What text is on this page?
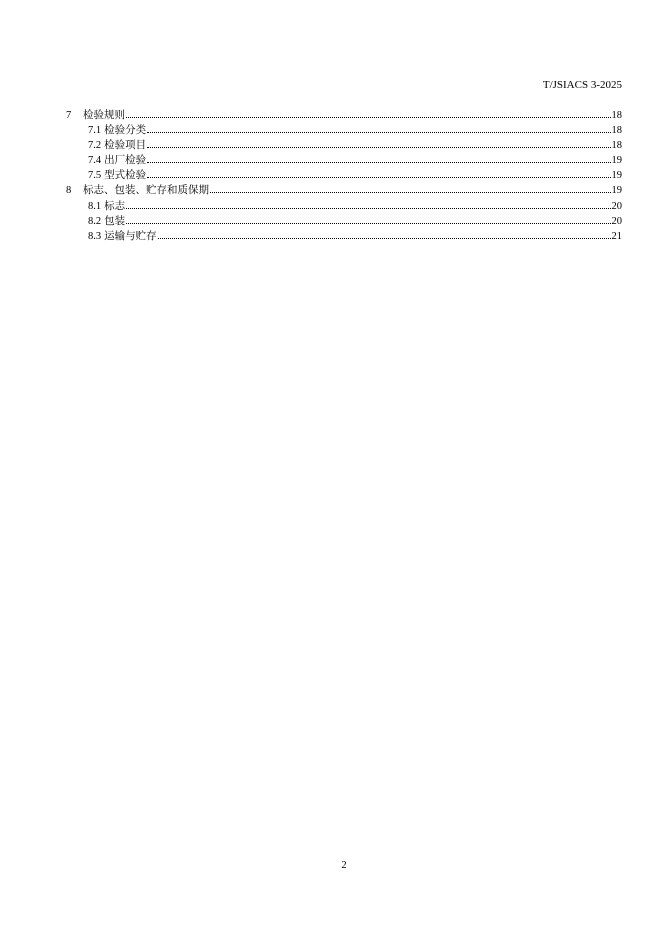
T/JSIACS 3-2025
7	检验规则	18
7.1 检验分类	18
7.2 检验项目	18
7.4 出厂检验	19
7.5 型式检验	19
8	标志、包装、贮存和质保期	19
8.1 标志	20
8.2 包装	20
8.3 运输与贮存	21
2
